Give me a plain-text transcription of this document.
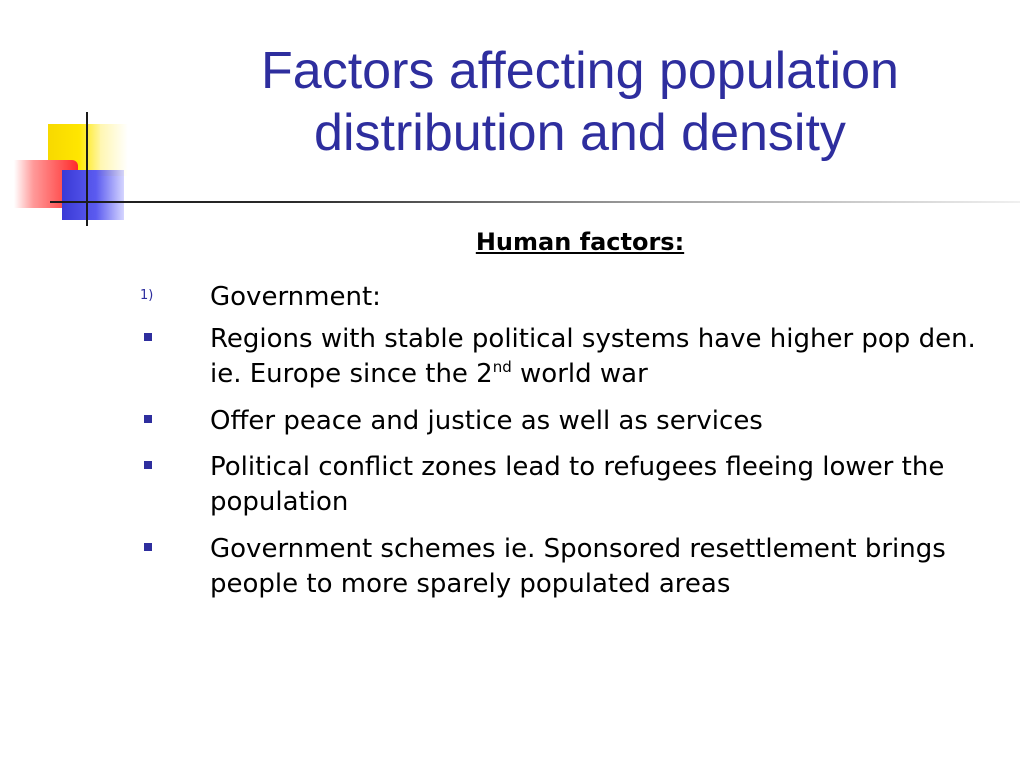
Factors affecting population
distribution and density
Human factors:
1) Government:
Regions with stable political systems have higher pop den. ie. Europe since the 2nd world war
Offer peace and justice as well as services
Political conflict zones lead to refugees fleeing lower the population
Government schemes ie. Sponsored resettlement brings people to more sparely populated areas
